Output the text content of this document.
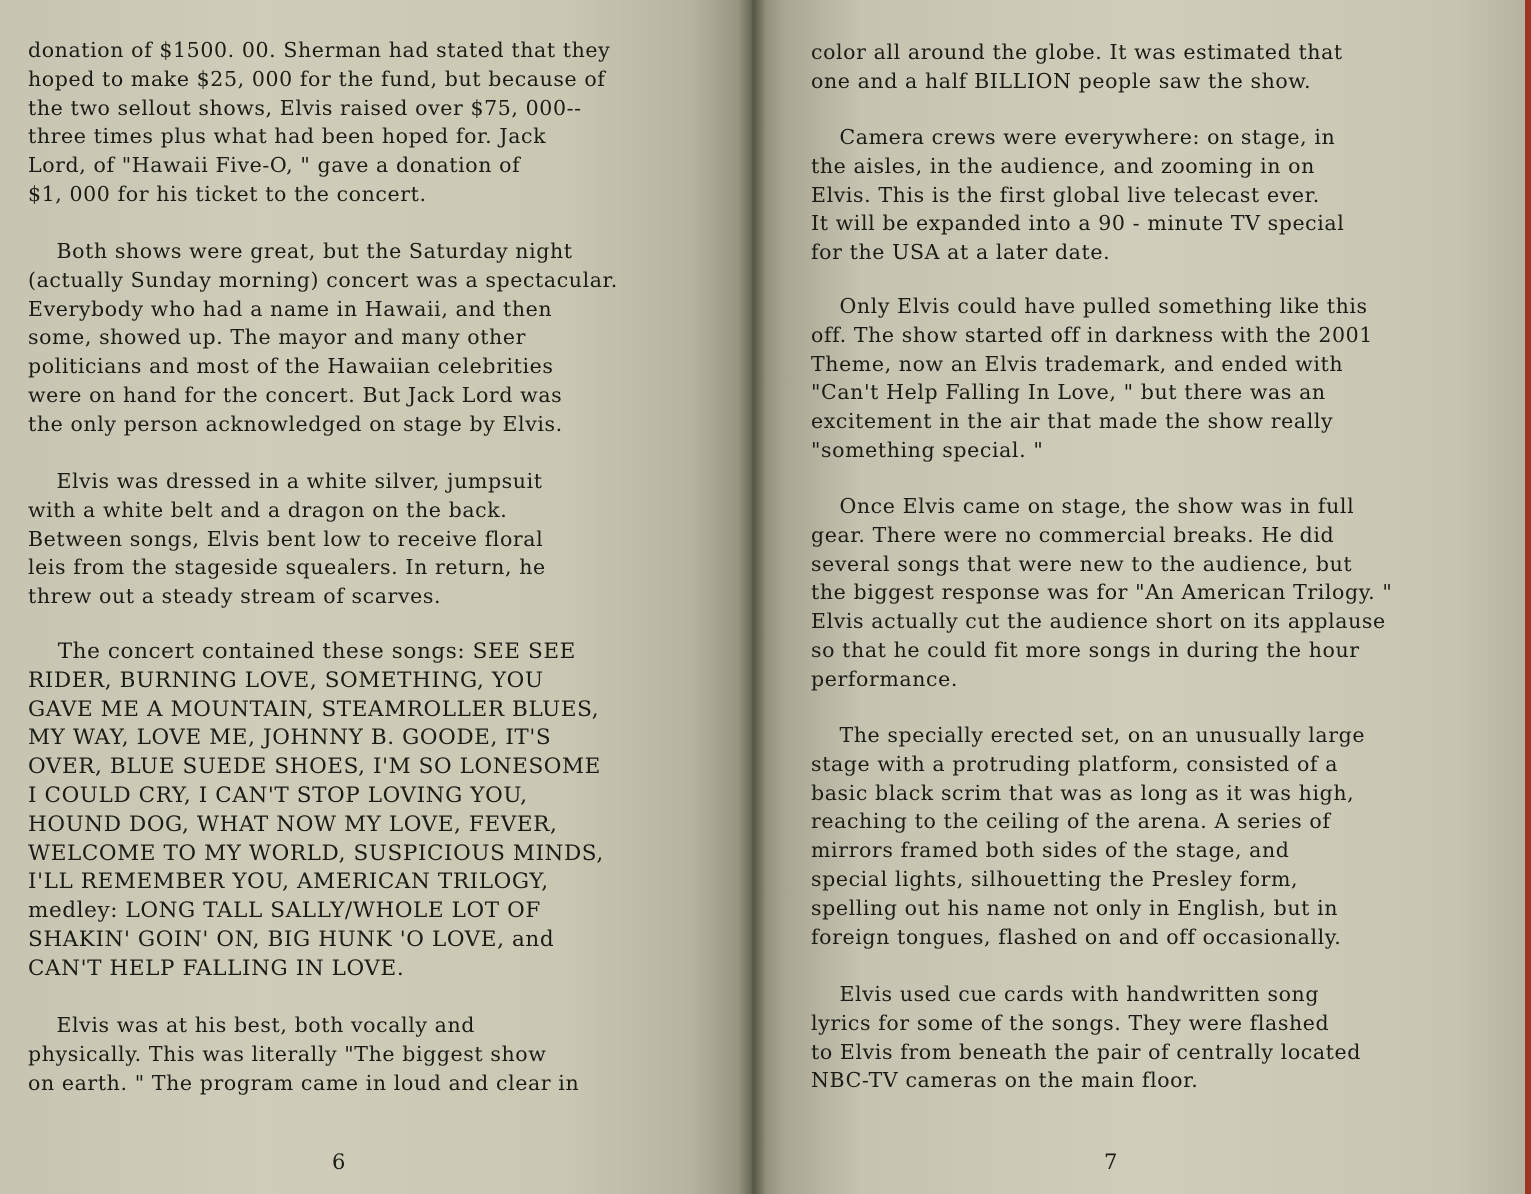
donation of $1500. 00. Sherman had stated that they
hoped to make $25, 000 for the fund, but because of
the two sellout shows, Elvis raised over $75, 000--
three times plus what had been hoped for. Jack
Lord, of "Hawaii Five-O, " gave a donation of
$1, 000 for his ticket to the concert.

Both shows were great, but the Saturday night
(actually Sunday morning) concert was a spectacular.
Everybody who had a name in Hawaii, and then
some, showed up. The mayor and many other
politicians and most of the Hawaiian celebrities
were on hand for the concert. But Jack Lord was
the only person acknowledged on stage by Elvis.

Elvis was dressed in a white silver, jumpsuit
with a white belt and a dragon on the back.
Between songs, Elvis bent low to receive floral
leis from the stageside squealers. In return, he
threw out a steady stream of scarves.

The concert contained these songs: SEE SEE
RIDER, BURNING LOVE, SOMETHING, YOU
GAVE ME A MOUNTAIN, STEAMROLLER BLUES,
MY WAY, LOVE ME, JOHNNY B. GOODE, IT'S
OVER, BLUE SUEDE SHOES, I'M SO LONESOME
I COULD CRY, I CAN'T STOP LOVING YOU,
HOUND DOG, WHAT NOW MY LOVE, FEVER,
WELCOME TO MY WORLD, SUSPICIOUS MINDS,
I'LL REMEMBER YOU, AMERICAN TRILOGY,
medley: LONG TALL SALLY/WHOLE LOT OF
SHAKIN' GOIN' ON, BIG HUNK 'O LOVE, and
CAN'T HELP FALLING IN LOVE.

Elvis was at his best, both vocally and
physically. This was literally "The biggest show
on earth. " The program came in loud and clear in

6

color all around the globe. It was estimated that
one and a half BILLION people saw the show.

Camera crews were everywhere: on stage, in
the aisles, in the audience, and zooming in on
Elvis. This is the first global live telecast ever.
It will be expanded into a 90 - minute TV special
for the USA at a later date.

Only Elvis could have pulled something like this
off. The show started off in darkness with the 2001
Theme, now an Elvis trademark, and ended with
"Can't Help Falling In Love, " but there was an
excitement in the air that made the show really
"something special. "

Once Elvis came on stage, the show was in full
gear. There were no commercial breaks. He did
several songs that were new to the audience, but
the biggest response was for "An American Trilogy. "
Elvis actually cut the audience short on its applause
so that he could fit more songs in during the hour
performance.

The specially erected set, on an unusually large
stage with a protruding platform, consisted of a
basic black scrim that was as long as it was high,
reaching to the ceiling of the arena. A series of
mirrors framed both sides of the stage, and
special lights, silhouetting the Presley form,
spelling out his name not only in English, but in
foreign tongues, flashed on and off occasionally.

Elvis used cue cards with handwritten song
lyrics for some of the songs. They were flashed
to Elvis from beneath the pair of centrally located
NBC-TV cameras on the main floor.

7
